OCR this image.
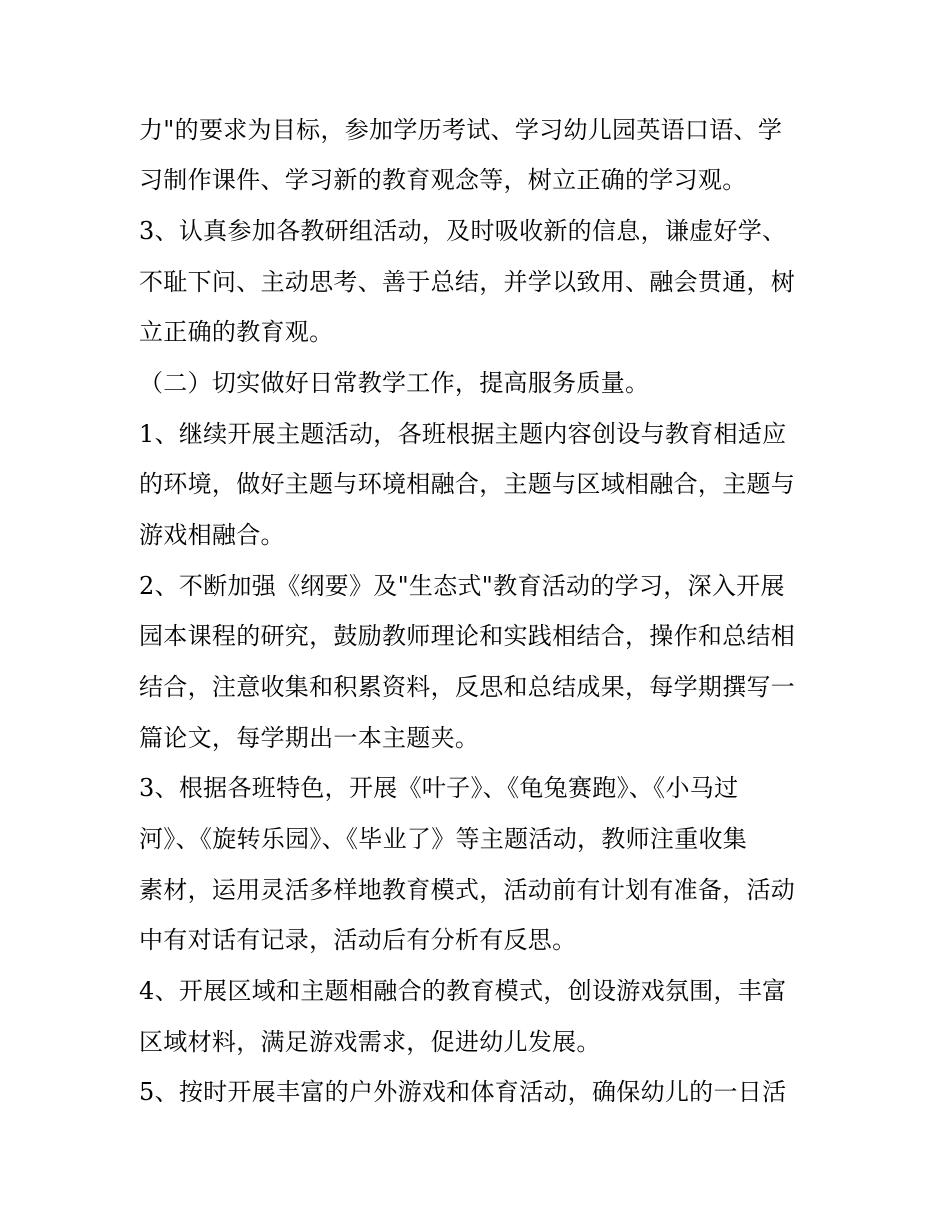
力"的要求为目标，参加学历考试、学习幼儿园英语口语、学
习制作课件、学习新的教育观念等，树立正确的学习观。
3、认真参加各教研组活动，及时吸收新的信息，谦虚好学、
不耻下问、主动思考、善于总结，并学以致用、融会贯通，树
立正确的教育观。
（二）切实做好日常教学工作，提高服务质量。
1、继续开展主题活动，各班根据主题内容创设与教育相适应
的环境，做好主题与环境相融合，主题与区域相融合，主题与
游戏相融合。
2、不断加强《纲要》及"生态式"教育活动的学习，深入开展
园本课程的研究，鼓励教师理论和实践相结合，操作和总结相
结合，注意收集和积累资料，反思和总结成果，每学期撰写一
篇论文，每学期出一本主题夹。
3、根据各班特色，开展《叶子》、《龟兔赛跑》、《小马过
河》、《旋转乐园》、《毕业了》等主题活动，教师注重收集
素材，运用灵活多样地教育模式，活动前有计划有准备，活动
中有对话有记录，活动后有分析有反思。
4、开展区域和主题相融合的教育模式，创设游戏氛围，丰富
区域材料，满足游戏需求，促进幼儿发展。
5、按时开展丰富的户外游戏和体育活动，确保幼儿的一日活
